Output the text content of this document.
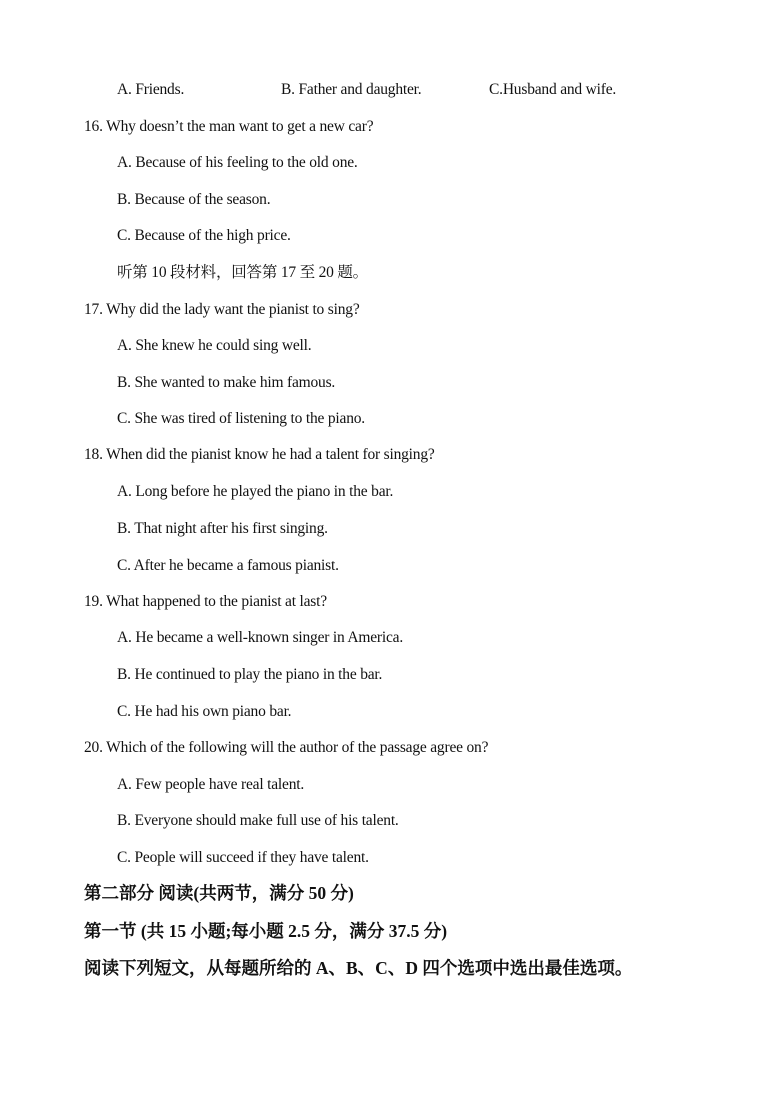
A. Friends.	B. Father and daughter.	C.Husband and wife.
16. Why doesn’t the man want to get a new car?
A. Because of his feeling to the old one.
B. Because of the season.
C. Because of the high price.
听第 10 段材料，回答第 17 至 20 题。
17. Why did the lady want the pianist to sing?
A. She knew he could sing well.
B. She wanted to make him famous.
C. She was tired of listening to the piano.
18. When did the pianist know he had a talent for singing?
A. Long before he played the piano in the bar.
B. That night after his first singing.
C. After he became a famous pianist.
19. What happened to the pianist at last?
A. He became a well-known singer in America.
B. He continued to play the piano in the bar.
C. He had his own piano bar.
20. Which of the following will the author of the passage agree on?
A. Few people have real talent.
B. Everyone should make full use of his talent.
C. People will succeed if they have talent.
第二部分 阅读(共两节，满分 50 分)
第一节 (共 15 小题;每小题 2.5 分，满分 37.5 分)
阅读下列短文，从每题所给的 A、B、C、D 四个选项中选出最佳选项。
